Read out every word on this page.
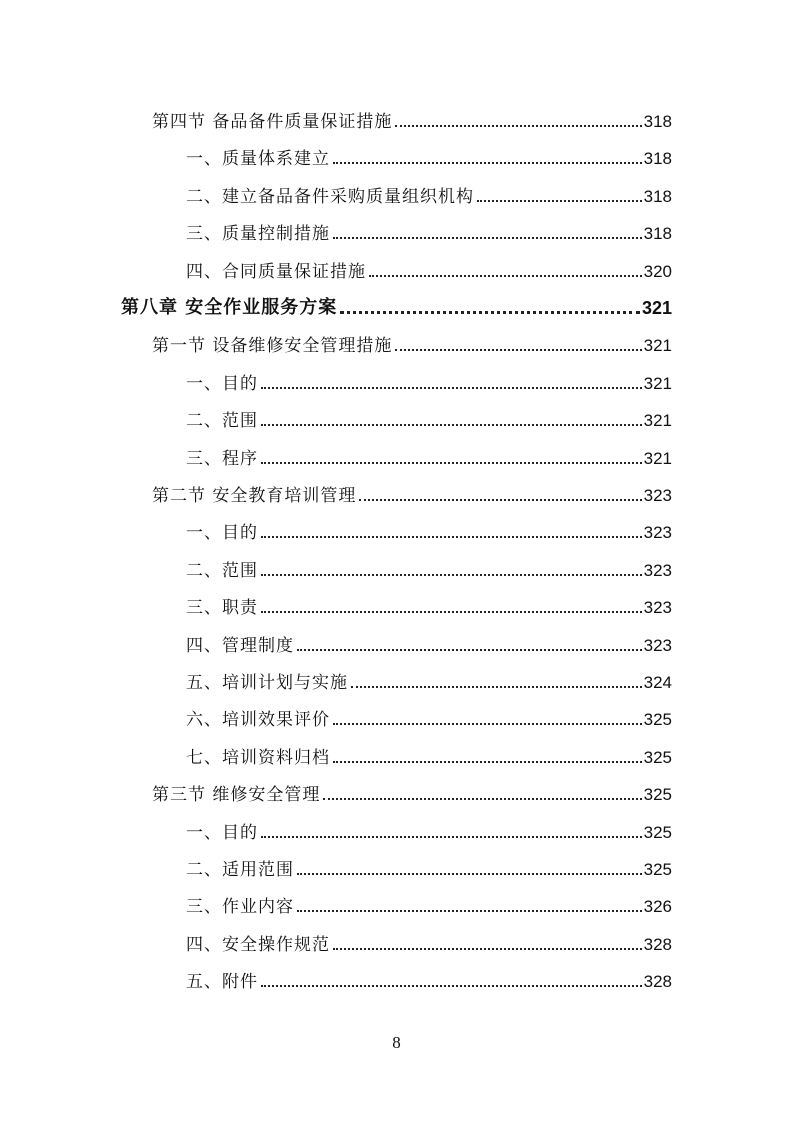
第四节 备品备件质量保证措施	318
一、质量体系建立	318
二、建立备品备件采购质量组织机构	318
三、质量控制措施	318
四、合同质量保证措施	320
第八章 安全作业服务方案	321
第一节 设备维修安全管理措施	321
一、目的	321
二、范围	321
三、程序	321
第二节 安全教育培训管理	323
一、目的	323
二、范围	323
三、职责	323
四、管理制度	323
五、培训计划与实施	324
六、培训效果评价	325
七、培训资料归档	325
第三节 维修安全管理	325
一、目的	325
二、适用范围	325
三、作业内容	326
四、安全操作规范	328
五、附件	328
8
